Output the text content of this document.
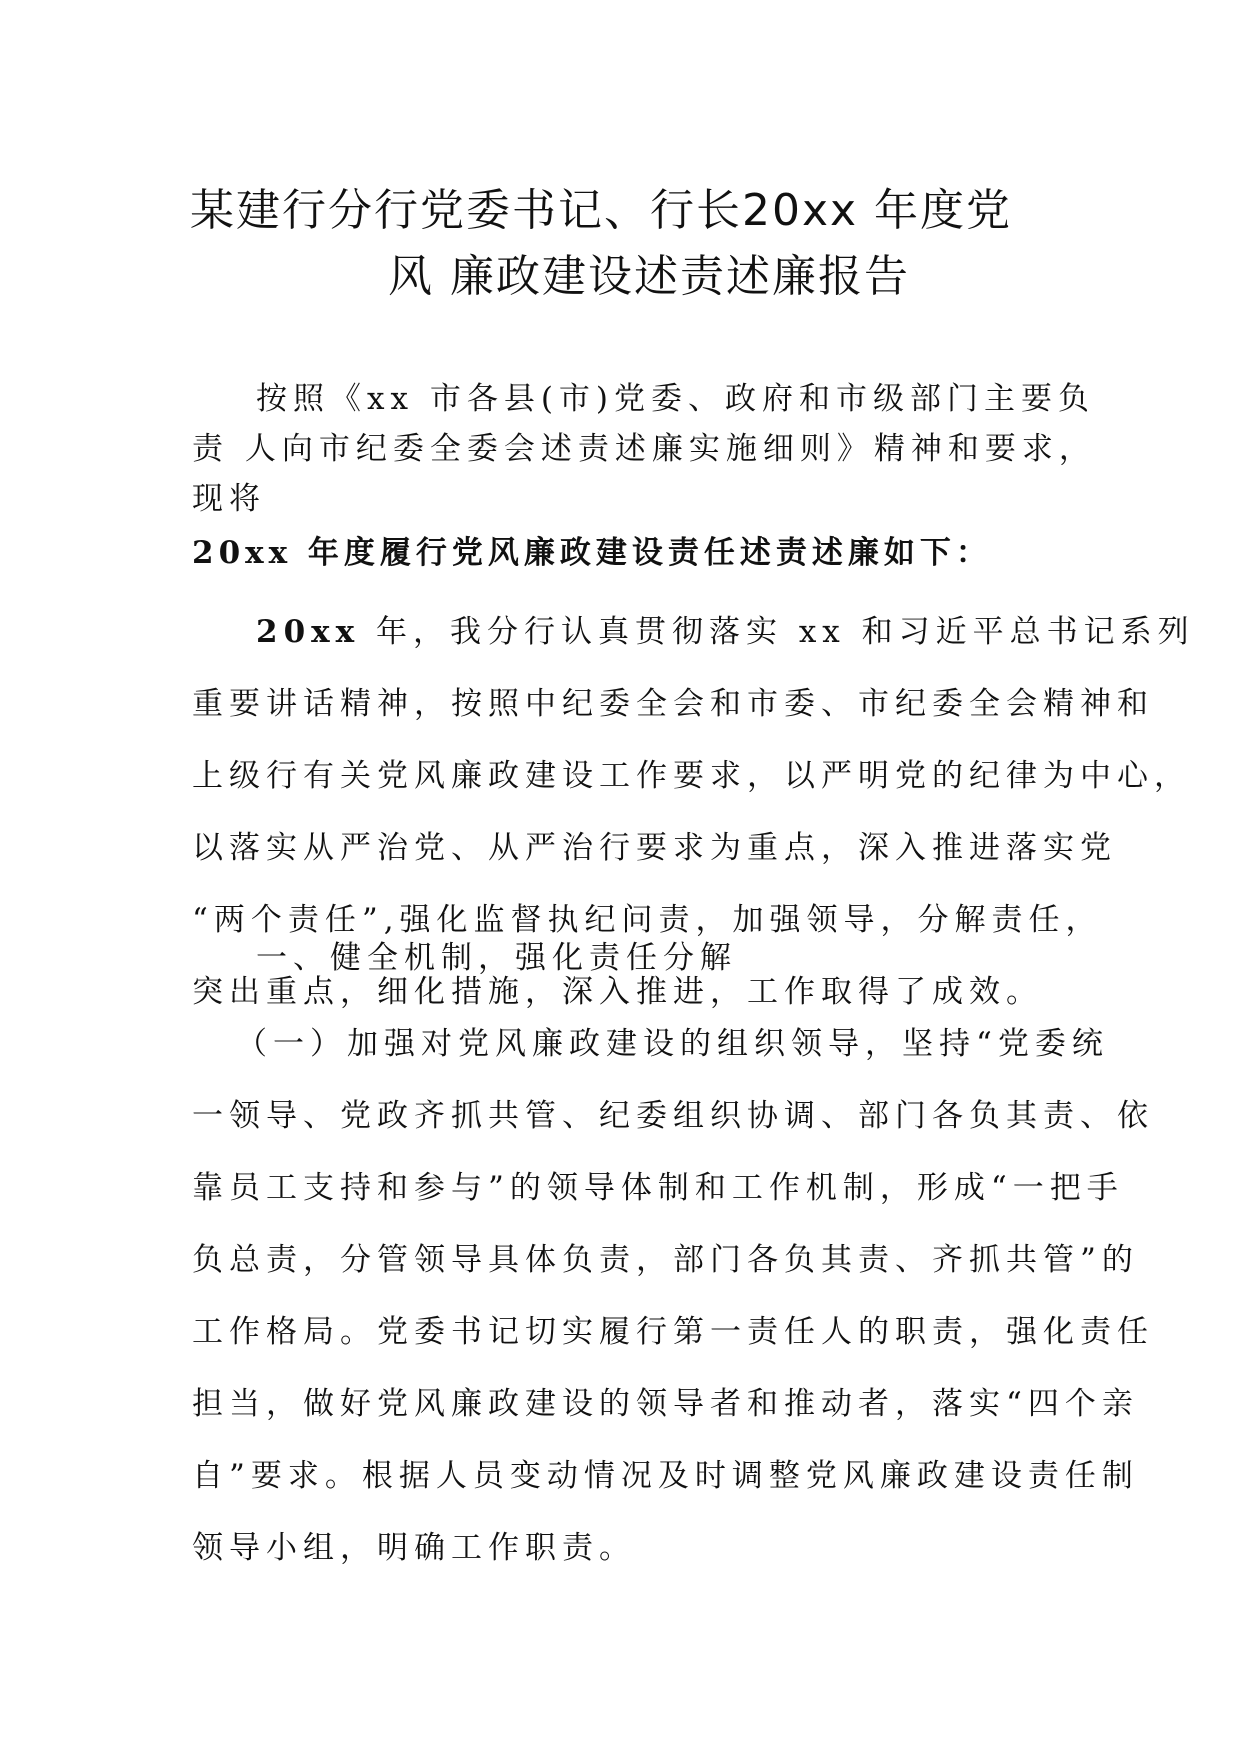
某建行分行党委书记、行长20xx 年度党
风 廉政建设述责述廉报告
按照《xx 市各县(市)党委、政府和市级部门主要负
责 人向市纪委全委会述责述廉实施细则》精神和要求，
现将
20xx 年度履行党风廉政建设责任述责述廉如下：
20xx 年，我分行认真贯彻落实 xx 和习近平总书记系列
重要讲话精神，按照中纪委全会和市委、市纪委全会精神和
上级行有关党风廉政建设工作要求，以严明党的纪律为中心，
以落实从严治党、从严治行要求为重点，深入推进落实党
“两个责任”,强化监督执纪问责，加强领导，分解责任，
突出重点，细化措施，深入推进，工作取得了成效。
一、健全机制，强化责任分解
（一）加强对党风廉政建设的组织领导，坚持“党委统
一领导、党政齐抓共管、纪委组织协调、部门各负其责、依
靠员工支持和参与”的领导体制和工作机制，形成“一把手
负总责，分管领导具体负责，部门各负其责、齐抓共管”的
工作格局。党委书记切实履行第一责任人的职责，强化责任
担当，做好党风廉政建设的领导者和推动者，落实“四个亲
自”要求。根据人员变动情况及时调整党风廉政建设责任制
领导小组，明确工作职责。
